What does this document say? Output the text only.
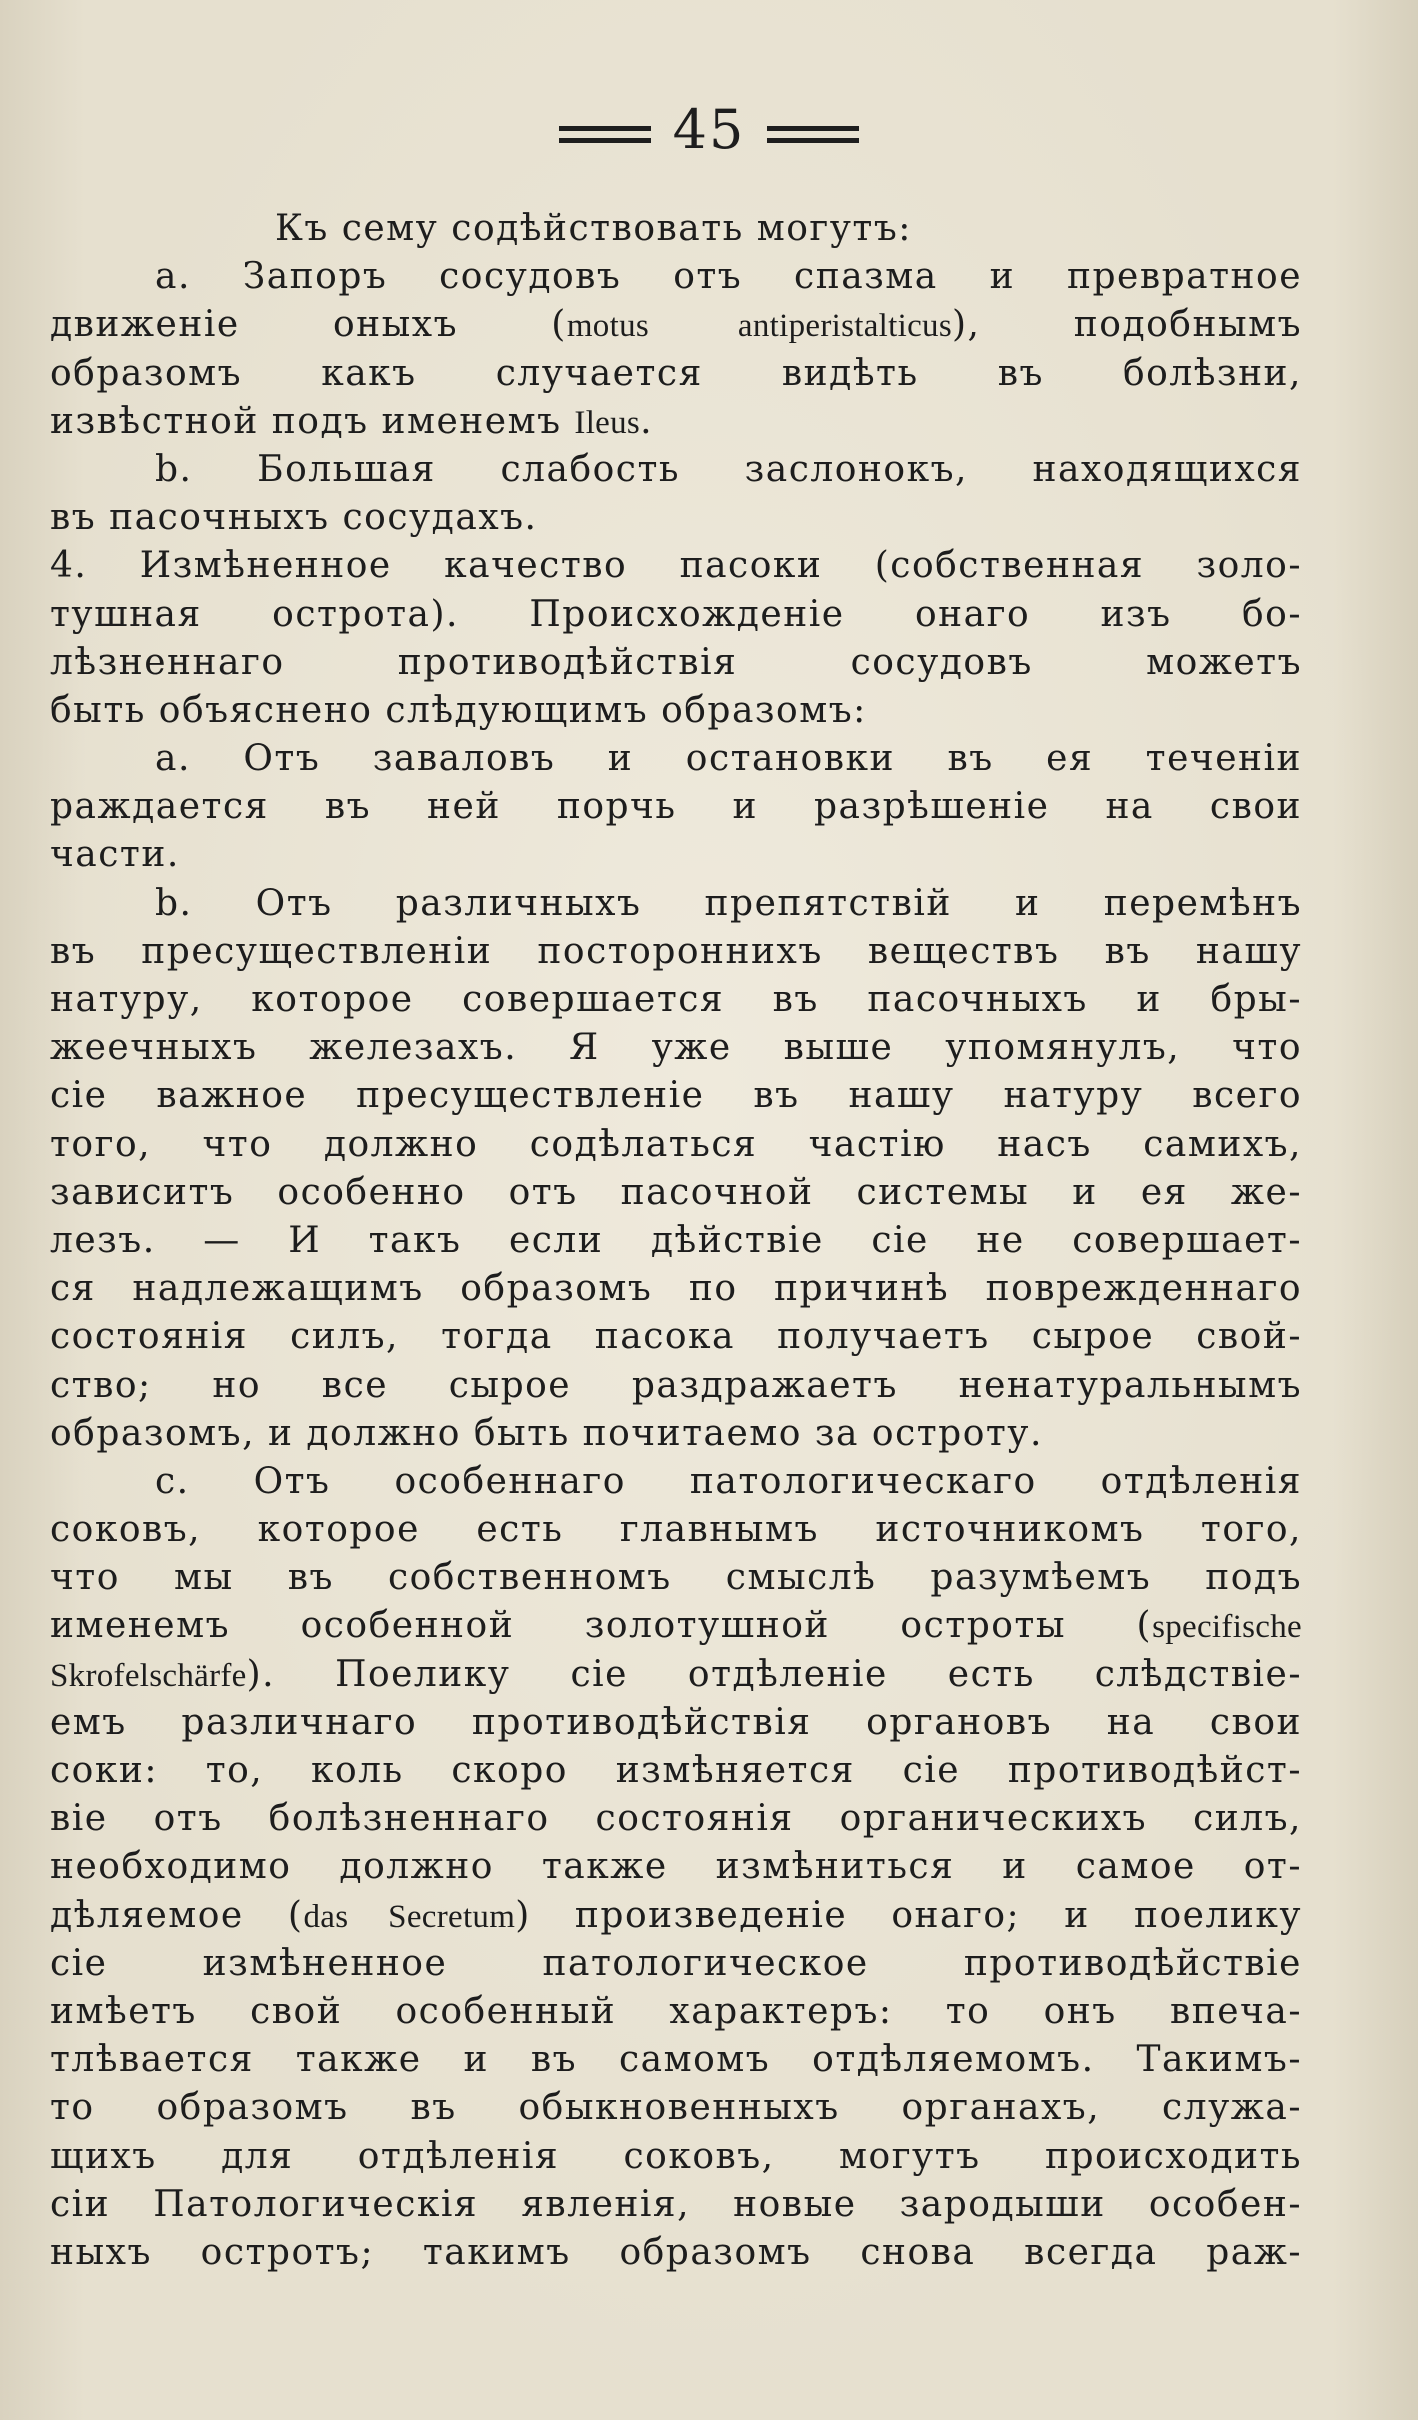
45
Къ сему содѣйствовать могутъ:
a. Запоръ сосудовъ отъ спазма и превратное
движеніе оныхъ (motus antiperistalticus), подобнымъ
образомъ какъ случается видѣть въ болѣзни,
извѣстной подъ именемъ Ileus.
b. Большая слабость заслонокъ, находящихся
въ пасочныхъ сосудахъ.
4. Измѣненное качество пасоки (собственная золо-
тушная острота). Происхожденіе онаго изъ бо-
лѣзненнаго противодѣйствія сосудовъ можетъ
быть объяснено слѣдующимъ образомъ:
a. Отъ заваловъ и остановки въ ея теченіи
раждается въ ней порчь и разрѣшеніе на свои
части.
b. Отъ различныхъ препятствій и перемѣнъ
въ пресуществленіи постороннихъ веществъ въ нашу
натуру, которое совершается въ пасочныхъ и бры-
жеечныхъ железахъ. Я уже выше упомянулъ, что
сіе важное пресуществленіе въ нашу натуру всего
того, что должно содѣлаться частію насъ самихъ,
зависитъ особенно отъ пасочной системы и ея же-
лезъ. — И такъ если дѣйствіе сіе не совершает-
ся надлежащимъ образомъ по причинѣ поврежденнаго
состоянія силъ, тогда пасока получаетъ сырое свой-
ство; но все сырое раздражаетъ ненатуральнымъ
образомъ, и должно быть почитаемо за остроту.
c. Отъ особеннаго патологическаго отдѣленія
соковъ, которое есть главнымъ источникомъ того,
что мы въ собственномъ смыслѣ разумѣемъ подъ
именемъ особенной золотушной остроты (specifische
Skrofelschärfe). Поелику сіе отдѣленіе есть слѣдствіе-
емъ различнаго противодѣйствія органовъ на свои
соки: то, коль скоро измѣняется сіе противодѣйст-
віе отъ болѣзненнаго состоянія органическихъ силъ,
необходимо должно также измѣниться и самое от-
дѣляемое (das Secretum) произведеніе онаго; и поелику
сіе измѣненное патологическое противодѣйствіе
имѣетъ свой особенный характеръ: то онъ впеча-
тлѣвается также и въ самомъ отдѣляемомъ. Такимъ-
то образомъ въ обыкновенныхъ органахъ, служа-
щихъ для отдѣленія соковъ, могутъ происходить
сіи Патологическія явленія, новые зародыши особен-
ныхъ остротъ; такимъ образомъ снова всегда раж-
